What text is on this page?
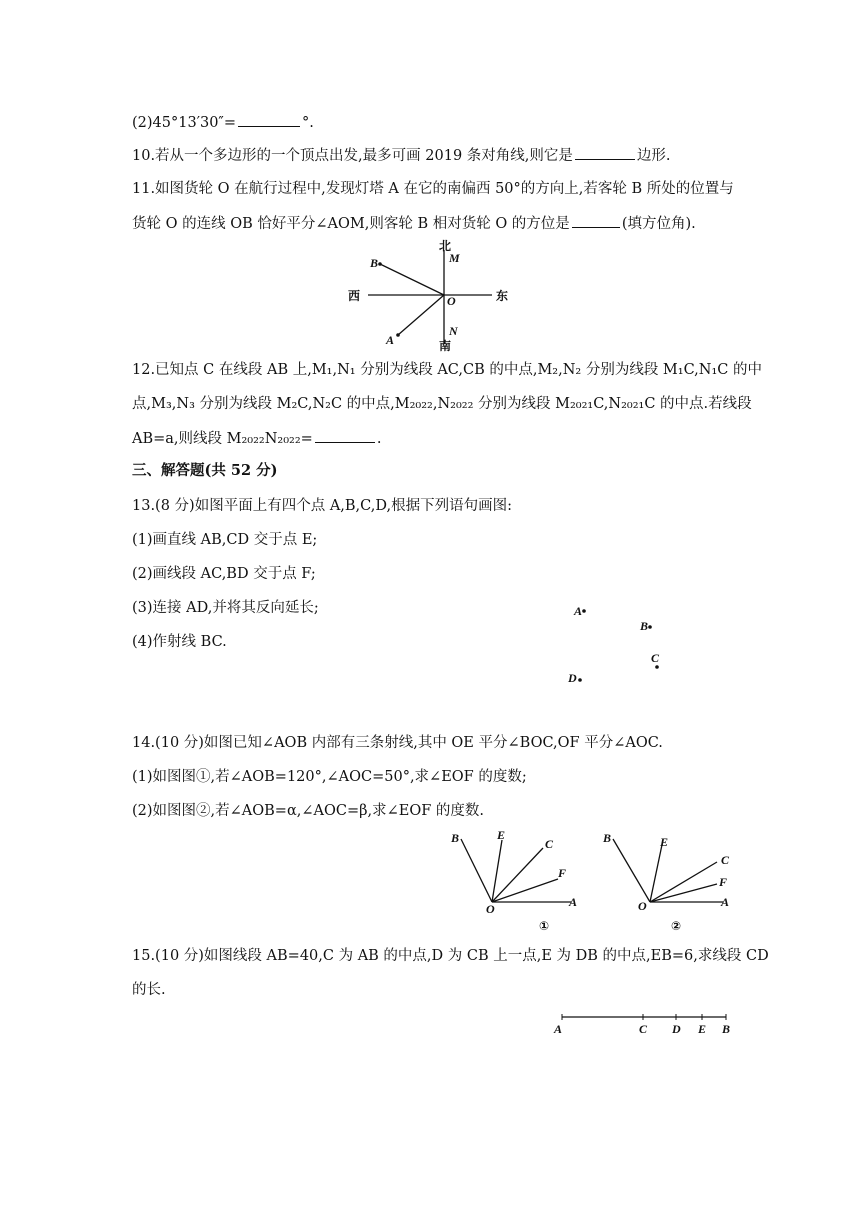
(2)45°13′30″=	°.
10.若从一个多边形的一个顶点出发,最多可画 2019 条对角线,则它是	边形.
11.如图货轮 O 在航行过程中,发现灯塔 A 在它的南偏西 50°的方向上,若客轮 B 所处的位置与
货轮 O 的连线 OB 恰好平分∠AOM,则客轮 B 相对货轮 O 的方位是	(填方位角).
北
南
西	东
M
N
O
B
A
12.已知点 C 在线段 AB 上,M₁,N₁ 分别为线段 AC,CB 的中点,M₂,N₂ 分别为线段 M₁C,N₁C 的中
点,M₃,N₃ 分别为线段 M₂C,N₂C 的中点,M₂₀₂₂,N₂₀₂₂ 分别为线段 M₂₀₂₁C,N₂₀₂₁C 的中点.若线段
AB=a,则线段 M₂₀₂₂N₂₀₂₂=	.
三、解答题(共 52 分)
13.(8 分)如图平面上有四个点 A,B,C,D,根据下列语句画图:
(1)画直线 AB,CD 交于点 E;
(2)画线段 AC,BD 交于点 F;
(3)连接 AD,并将其反向延长;
(4)作射线 BC.
A
B
C
D
14.(10 分)如图已知∠AOB 内部有三条射线,其中 OE 平分∠BOC,OF 平分∠AOC.
(1)如图图①,若∠AOB=120°,∠AOC=50°,求∠EOF 的度数;
(2)如图图②,若∠AOB=α,∠AOC=β,求∠EOF 的度数.
B	E
C
F
O	A
①
B	E
C
F
O	A
②
15.(10 分)如图线段 AB=40,C 为 AB 的中点,D 为 CB 上一点,E 为 DB 的中点,EB=6,求线段 CD
的长.
A	C D E B
